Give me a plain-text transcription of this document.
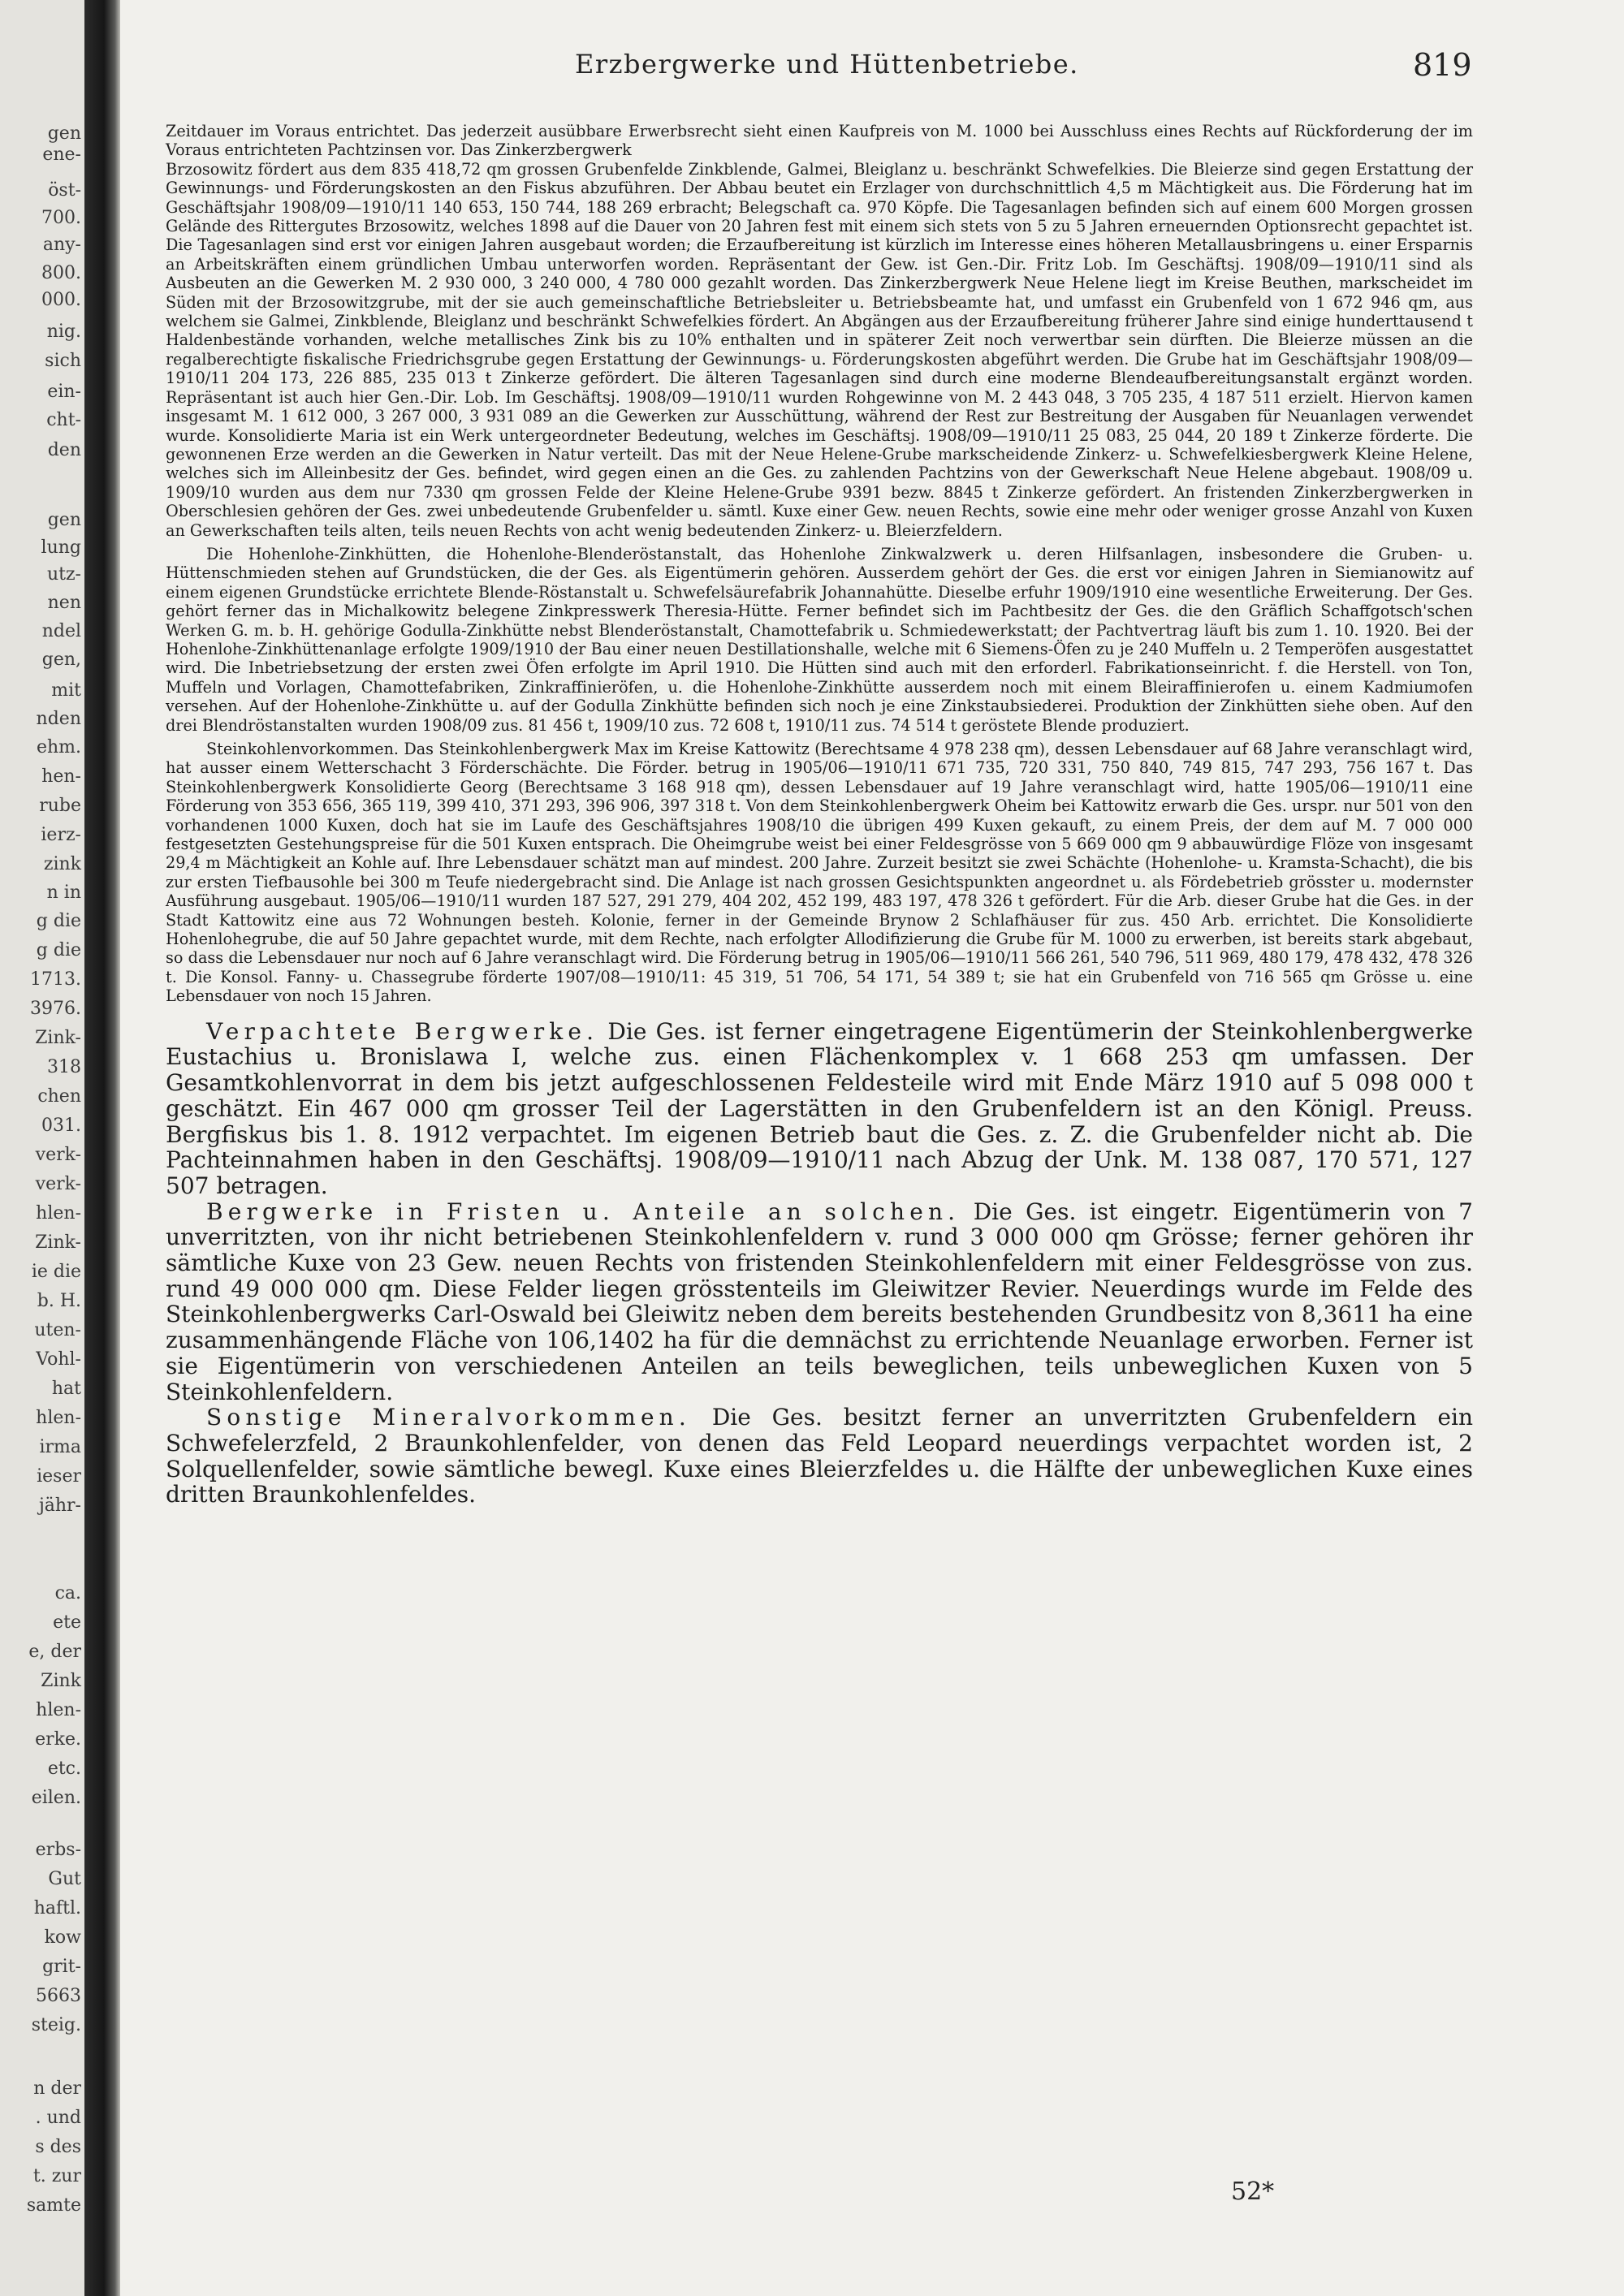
gen
ene-
öst-
700.
any-
800.
000.
nig.
sich
ein-
cht-
den
gen
lung
utz-
nen
ndel
gen,
mit
nden
ehm.
hen-
rube
ierz-
zink
n in
g die
g die
1713.
3976.
Zink-
318
chen
031.
verk-
verk-
hlen-
Zink-
ie die
b. H.
uten-
Vohl-
hat
hlen-
irma
ieser
jähr-
ca.
ete
e, der
Zink
hlen-
erke.
etc.
eilen.
erbs-
Gut
haftl.
kow
grit-
5663
steig.
n der
. und
s des
t. zur
samte
Erzbergwerke und Hüttenbetriebe.	819

Zeitdauer im Voraus entrichtet. Das jederzeit ausübbare Erwerbsrecht sieht einen Kaufpreis von M. 1000 bei Ausschluss eines Rechts auf Rückforderung der im Voraus entrichteten Pachtzinsen vor. Das Zinkerzbergwerk

Brzosowitz fördert aus dem 835 418,72 qm grossen Grubenfelde Zinkblende, Galmei, Bleiglanz u. beschränkt Schwefelkies. Die Bleierze sind gegen Erstattung der Gewinnungs- und Förderungskosten an den Fiskus abzuführen. Der Abbau beutet ein Erzlager von durchschnittlich 4,5 m Mächtigkeit aus. Die Förderung hat im Geschäftsjahr 1908/09—1910/11 140 653, 150 744, 188 269 erbracht; Belegschaft ca. 970 Köpfe. Die Tagesanlagen befinden sich auf einem 600 Morgen grossen Gelände des Rittergutes Brzosowitz, welches 1898 auf die Dauer von 20 Jahren fest mit einem sich stets von 5 zu 5 Jahren erneuernden Optionsrecht gepachtet ist. Die Tagesanlagen sind erst vor einigen Jahren ausgebaut worden; die Erzaufbereitung ist kürzlich im Interesse eines höheren Metallausbringens u. einer Ersparnis an Arbeitskräften einem gründlichen Umbau unterworfen worden. Repräsentant der Gew. ist Gen.-Dir. Fritz Lob. Im Geschäftsj. 1908/09—1910/11 sind als Ausbeuten an die Gewerken M. 2 930 000, 3 240 000, 4 780 000 gezahlt worden. Das Zinkerzbergwerk Neue Helene liegt im Kreise Beuthen, markscheidet im Süden mit der Brzosowitzgrube, mit der sie auch gemeinschaftliche Betriebsleiter u. Betriebsbeamte hat, und umfasst ein Grubenfeld von 1 672 946 qm, aus welchem sie Galmei, Zinkblende, Bleiglanz und beschränkt Schwefelkies fördert. An Abgängen aus der Erzaufbereitung früherer Jahre sind einige hunderttausend t Haldenbestände vorhanden, welche metallisches Zink bis zu 10% enthalten und in späterer Zeit noch verwertbar sein dürften. Die Bleierze müssen an die regalberechtigte fiskalische Friedrichsgrube gegen Erstattung der Gewinnungs- u. Förderungskosten abgeführt werden. Die Grube hat im Geschäftsjahr 1908/09—1910/11 204 173, 226 885, 235 013 t Zinkerze gefördert. Die älteren Tagesanlagen sind durch eine moderne Blendeaufbereitungsanstalt ergänzt worden. Repräsentant ist auch hier Gen.-Dir. Lob. Im Geschäftsj. 1908/09—1910/11 wurden Rohgewinne von M. 2 443 048, 3 705 235, 4 187 511 erzielt. Hiervon kamen insgesamt M. 1 612 000, 3 267 000, 3 931 089 an die Gewerken zur Ausschüttung, während der Rest zur Bestreitung der Ausgaben für Neuanlagen verwendet wurde. Konsolidierte Maria ist ein Werk untergeordneter Bedeutung, welches im Geschäftsj. 1908/09—1910/11 25 083, 25 044, 20 189 t Zinkerze förderte. Die gewonnenen Erze werden an die Gewerken in Natur verteilt. Das mit der Neue Helene-Grube markscheidende Zinkerz- u. Schwefelkiesbergwerk Kleine Helene, welches sich im Alleinbesitz der Ges. befindet, wird gegen einen an die Ges. zu zahlenden Pachtzins von der Gewerkschaft Neue Helene abgebaut. 1908/09 u. 1909/10 wurden aus dem nur 7330 qm grossen Felde der Kleine Helene-Grube 9391 bezw. 8845 t Zinkerze gefördert. An fristenden Zinkerzbergwerken in Oberschlesien gehören der Ges. zwei unbedeutende Grubenfelder u. sämtl. Kuxe einer Gew. neuen Rechts, sowie eine mehr oder weniger grosse Anzahl von Kuxen an Gewerkschaften teils alten, teils neuen Rechts von acht wenig bedeutenden Zinkerz- u. Bleierzfeldern.

Die Hohenlohe-Zinkhütten, die Hohenlohe-Blenderöstanstalt, das Hohenlohe Zinkwalzwerk u. deren Hilfsanlagen, insbesondere die Gruben- u. Hüttenschmieden stehen auf Grundstücken, die der Ges. als Eigentümerin gehören. Ausserdem gehört der Ges. die erst vor einigen Jahren in Siemianowitz auf einem eigenen Grundstücke errichtete Blende-Röstanstalt u. Schwefelsäurefabrik Johannahütte. Dieselbe erfuhr 1909/1910 eine wesentliche Erweiterung. Der Ges. gehört ferner das in Michalkowitz belegene Zinkpresswerk Theresia-Hütte. Ferner befindet sich im Pachtbesitz der Ges. die den Gräflich Schaffgotsch'schen Werken G. m. b. H. gehörige Godulla-Zinkhütte nebst Blenderöstanstalt, Chamottefabrik u. Schmiedewerkstatt; der Pachtvertrag läuft bis zum 1. 10. 1920. Bei der Hohenlohe-Zinkhüttenanlage erfolgte 1909/1910 der Bau einer neuen Destillationshalle, welche mit 6 Siemens-Öfen zu je 240 Muffeln u. 2 Temperöfen ausgestattet wird. Die Inbetriebsetzung der ersten zwei Öfen erfolgte im April 1910. Die Hütten sind auch mit den erforderl. Fabrikationseinricht. f. die Herstell. von Ton, Muffeln und Vorlagen, Chamottefabriken, Zinkraffinieröfen, u. die Hohenlohe-Zinkhütte ausserdem noch mit einem Bleiraffinierofen u. einem Kadmiumofen versehen. Auf der Hohenlohe-Zinkhütte u. auf der Godulla Zinkhütte befinden sich noch je eine Zinkstaubsiederei. Produktion der Zinkhütten siehe oben. Auf den drei Blendröstanstalten wurden 1908/09 zus. 81 456 t, 1909/10 zus. 72 608 t, 1910/11 zus. 74 514 t geröstete Blende produziert.

Steinkohlenvorkommen. Das Steinkohlenbergwerk Max im Kreise Kattowitz (Berechtsame 4 978 238 qm), dessen Lebensdauer auf 68 Jahre veranschlagt wird, hat ausser einem Wetterschacht 3 Förderschächte. Die Förder. betrug in 1905/06—1910/11 671 735, 720 331, 750 840, 749 815, 747 293, 756 167 t. Das Steinkohlenbergwerk Konsolidierte Georg (Berechtsame 3 168 918 qm), dessen Lebensdauer auf 19 Jahre veranschlagt wird, hatte 1905/06—1910/11 eine Förderung von 353 656, 365 119, 399 410, 371 293, 396 906, 397 318 t. Von dem Steinkohlenbergwerk Oheim bei Kattowitz erwarb die Ges. urspr. nur 501 von den vorhandenen 1000 Kuxen, doch hat sie im Laufe des Geschäftsjahres 1908/10 die übrigen 499 Kuxen gekauft, zu einem Preis, der dem auf M. 7 000 000 festgesetzten Gestehungspreise für die 501 Kuxen entsprach. Die Oheimgrube weist bei einer Feldesgrösse von 5 669 000 qm 9 abbauwürdige Flöze von insgesamt 29,4 m Mächtigkeit an Kohle auf. Ihre Lebensdauer schätzt man auf mindest. 200 Jahre. Zurzeit besitzt sie zwei Schächte (Hohenlohe- u. Kramsta-Schacht), die bis zur ersten Tiefbausohle bei 300 m Teufe niedergebracht sind. Die Anlage ist nach grossen Gesichtspunkten angeordnet u. als Fördebetrieb grösster u. modernster Ausführung ausgebaut. 1905/06—1910/11 wurden 187 527, 291 279, 404 202, 452 199, 483 197, 478 326 t gefördert. Für die Arb. dieser Grube hat die Ges. in der Stadt Kattowitz eine aus 72 Wohnungen besteh. Kolonie, ferner in der Gemeinde Brynow 2 Schlafhäuser für zus. 450 Arb. errichtet. Die Konsolidierte Hohenlohegrube, die auf 50 Jahre gepachtet wurde, mit dem Rechte, nach erfolgter Allodifizierung die Grube für M. 1000 zu erwerben, ist bereits stark abgebaut, so dass die Lebensdauer nur noch auf 6 Jahre veranschlagt wird. Die Förderung betrug in 1905/06—1910/11 566 261, 540 796, 511 969, 480 179, 478 432, 478 326 t. Die Konsol. Fanny- u. Chassegrube förderte 1907/08—1910/11: 45 319, 51 706, 54 171, 54 389 t; sie hat ein Grubenfeld von 716 565 qm Grösse u. eine Lebensdauer von noch 15 Jahren.

Verpachtete Bergwerke. Die Ges. ist ferner eingetragene Eigentümerin der Steinkohlenbergwerke Eustachius u. Bronislawa I, welche zus. einen Flächenkomplex v. 1 668 253 qm umfassen. Der Gesamtkohlenvorrat in dem bis jetzt aufgeschlossenen Feldesteile wird mit Ende März 1910 auf 5 098 000 t geschätzt. Ein 467 000 qm grosser Teil der Lagerstätten in den Grubenfeldern ist an den Königl. Preuss. Bergfiskus bis 1. 8. 1912 verpachtet. Im eigenen Betrieb baut die Ges. z. Z. die Grubenfelder nicht ab. Die Pachteinnahmen haben in den Geschäftsj. 1908/09—1910/11 nach Abzug der Unk. M. 138 087, 170 571, 127 507 betragen.

Bergwerke in Fristen u. Anteile an solchen. Die Ges. ist eingetr. Eigentümerin von 7 unverritzten, von ihr nicht betriebenen Steinkohlenfeldern v. rund 3 000 000 qm Grösse; ferner gehören ihr sämtliche Kuxe von 23 Gew. neuen Rechts von fristenden Steinkohlenfeldern mit einer Feldesgrösse von zus. rund 49 000 000 qm. Diese Felder liegen grösstenteils im Gleiwitzer Revier. Neuerdings wurde im Felde des Steinkohlenbergwerks Carl-Oswald bei Gleiwitz neben dem bereits bestehenden Grundbesitz von 8,3611 ha eine zusammenhängende Fläche von 106,1402 ha für die demnächst zu errichtende Neuanlage erworben. Ferner ist sie Eigentümerin von verschiedenen Anteilen an teils beweglichen, teils unbeweglichen Kuxen von 5 Steinkohlenfeldern.

Sonstige Mineralvorkommen. Die Ges. besitzt ferner an unverritzten Grubenfeldern ein Schwefelerzfeld, 2 Braunkohlenfelder, von denen das Feld Leopard neuerdings verpachtet worden ist, 2 Solquellenfelder, sowie sämtliche bewegl. Kuxe eines Bleierzfeldes u. die Hälfte der unbeweglichen Kuxe eines dritten Braunkohlenfeldes.

52*
